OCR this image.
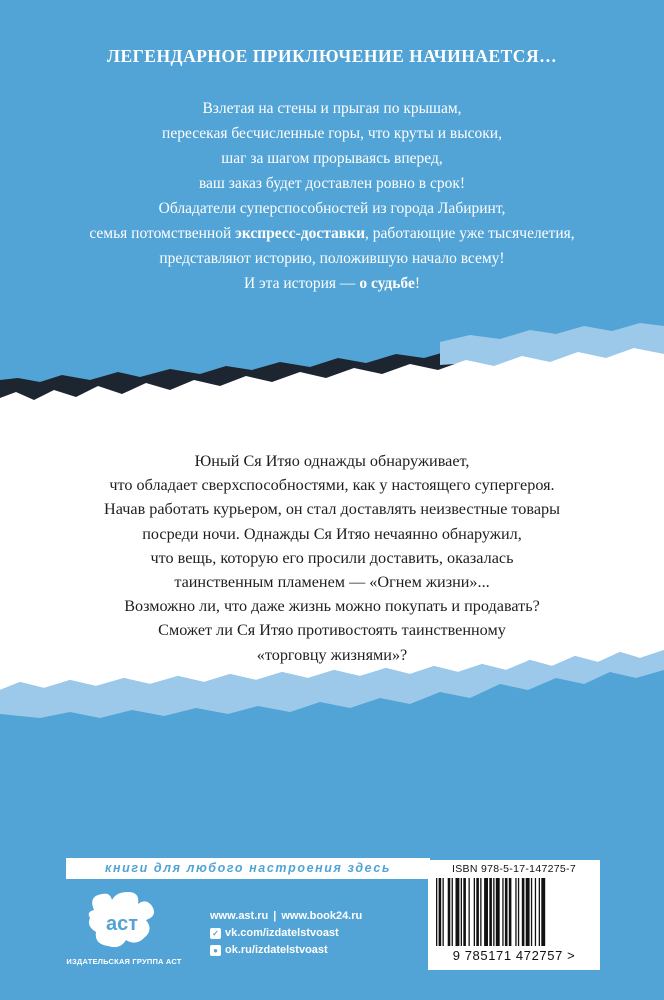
ЛЕГЕНДАРНОЕ ПРИКЛЮЧЕНИЕ НАЧИНАЕТСЯ…

Взлетая на стены и прыгая по крышам,

пересекая бесчисленные горы, что круты и высоки,

шаг за шагом прорываясь вперед,

ваш заказ будет доставлен ровно в срок!

Обладатели суперспособностей из города Лабиринт,

семья потомственной экспресс-доставки, работающие уже тысячелетия,

представляют историю, положившую начало всему!

И эта история — о судьбе!

Юный Ся Итяо однажды обнаруживает,

что обладает сверхспособностями, как у настоящего супергероя.

Начав работать курьером, он стал доставлять неизвестные товары

посреди ночи. Однажды Ся Итяо нечаянно обнаружил,

что вещь, которую его просили доставить, оказалась

таинственным пламенем — «Огнем жизни»...

Возможно ли, что даже жизнь можно покупать и продавать?

Сможет ли Ся Итяо противостоять таинственному

«торговцу жизнями»?

книги для любого настроения здесь
aст
ИЗДАТЕЛЬСКАЯ ГРУППА АСТ
www.ast.ru | www.book24.ru
✓ vk.com/izdatelstvoast
● ok.ru/izdatelstvoast
ISBN 978-5-17-147275-7
9 785171 472757 >
